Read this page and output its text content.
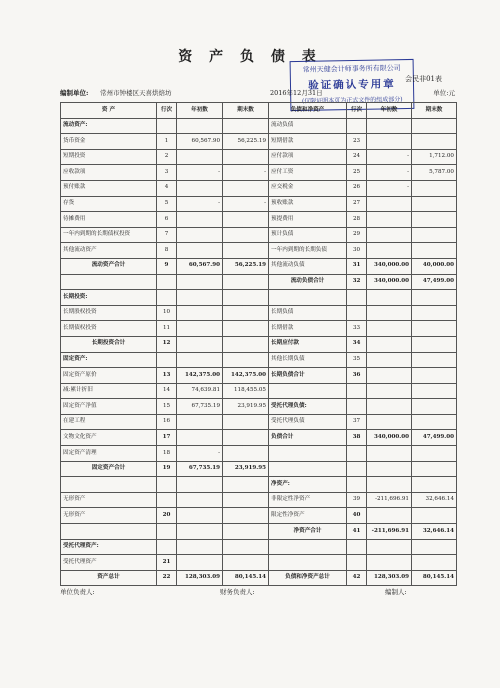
资 产 负 债 表
常州天健会计师事务所有限公司
验证确认专用章
(仅限证明本页为正式文件的组成部分)
会民非01表
编制单位: 常州市钟楼区天喜烘焙坊	2016年12月31日	单位:元
资 产	行次	年初数	期末数	负债和净资产	行次	年初数	期末数
流动资产:				流动负债			
货币资金	1	60,567.90	56,225.19	短期借款	23		
短期投资	2			应付款项	24	-	1,712.00
应收款项	3	-	-	应付工资	25	-	5,787.00
预付账款	4			应交税金	26	-	
存货	5	-	-	预收账款	27		
待摊费用	6			预提费用	28		
一年内到期的长期债权投资	7			预计负债	29		
其他流动资产	8			一年内到期的长期负债	30		
流动资产合计	9	60,567.90	56,225.19	其他流动负债	31	340,000.00	40,000.00
				流动负债合计	32	340,000.00	47,499.00
长期投资:							
长期股权投资	10			长期负债			
长期债权投资	11			长期借款	33		
长期投资合计	12			长期应付款	34		
固定资产:				其他长期负债	35		
固定资产原价	13	142,375.00	142,375.00	长期负债合计	36		
减:累计折旧	14	74,639.81	118,455.05				
固定资产净值	15	67,735.19	23,919.95	受托代理负债:			
在建工程	16			受托代理负债	37		
文物文化资产	17			负债合计	38	340,000.00	47,499.00
固定资产清理	18	-					
固定资产合计	19	67,735.19	23,919.95				
				净资产:			
无形资产				非限定性净资产	39	-211,696.91	32,646.14
无形资产	20			限定性净资产	40		
				净资产合计	41	-211,696.91	32,646.14
受托代理资产:							
受托代理资产	21						
资产总计	22	128,303.09	80,145.14	负债和净资产总计	42	128,303.09	80,145.14
单位负责人:	财务负责人:	编制人:
